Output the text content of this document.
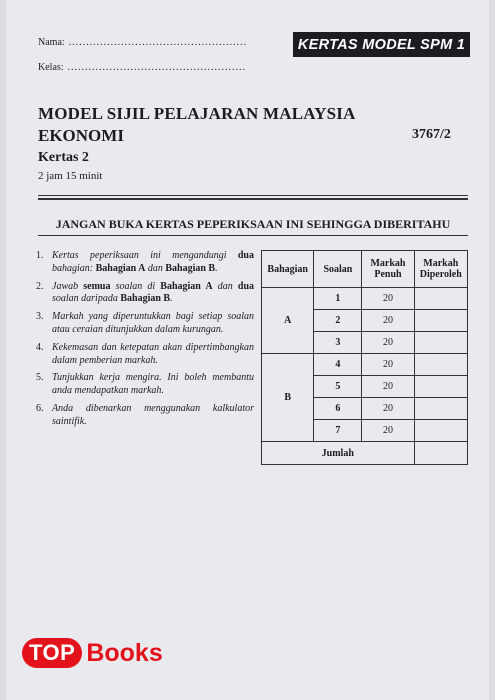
Nama: ...................................................
Kelas: ...................................................
KERTAS MODEL SPM 1
MODEL SIJIL PELAJARAN MALAYSIA
EKONOMI	3767/2
Kertas 2
2 jam 15 minit
JANGAN BUKA KERTAS PEPERIKSAAN INI SEHINGGA DIBERITAHU
1. Kertas peperiksaan ini mengandungi dua bahagian: Bahagian A dan Bahagian B.
2. Jawab semua soalan di Bahagian A dan dua soalan daripada Bahagian B.
3. Markah yang diperuntukkan bagi setiap soalan atau ceraian ditunjukkan dalam kurungan.
4. Kekemasan dan ketepatan akan dipertimbangkan dalam pemberian markah.
5. Tunjukkan kerja mengira. Ini boleh membantu anda mendapatkan markah.
6. Anda dibenarkan menggunakan kalkulator saintifik.
Bahagian	Soalan	Markah Penuh	Markah Diperoleh
A	1	20	
	2	20	
	3	20	
B	4	20	
	5	20	
	6	20	
	7	20	
Jumlah			
TOP Books
